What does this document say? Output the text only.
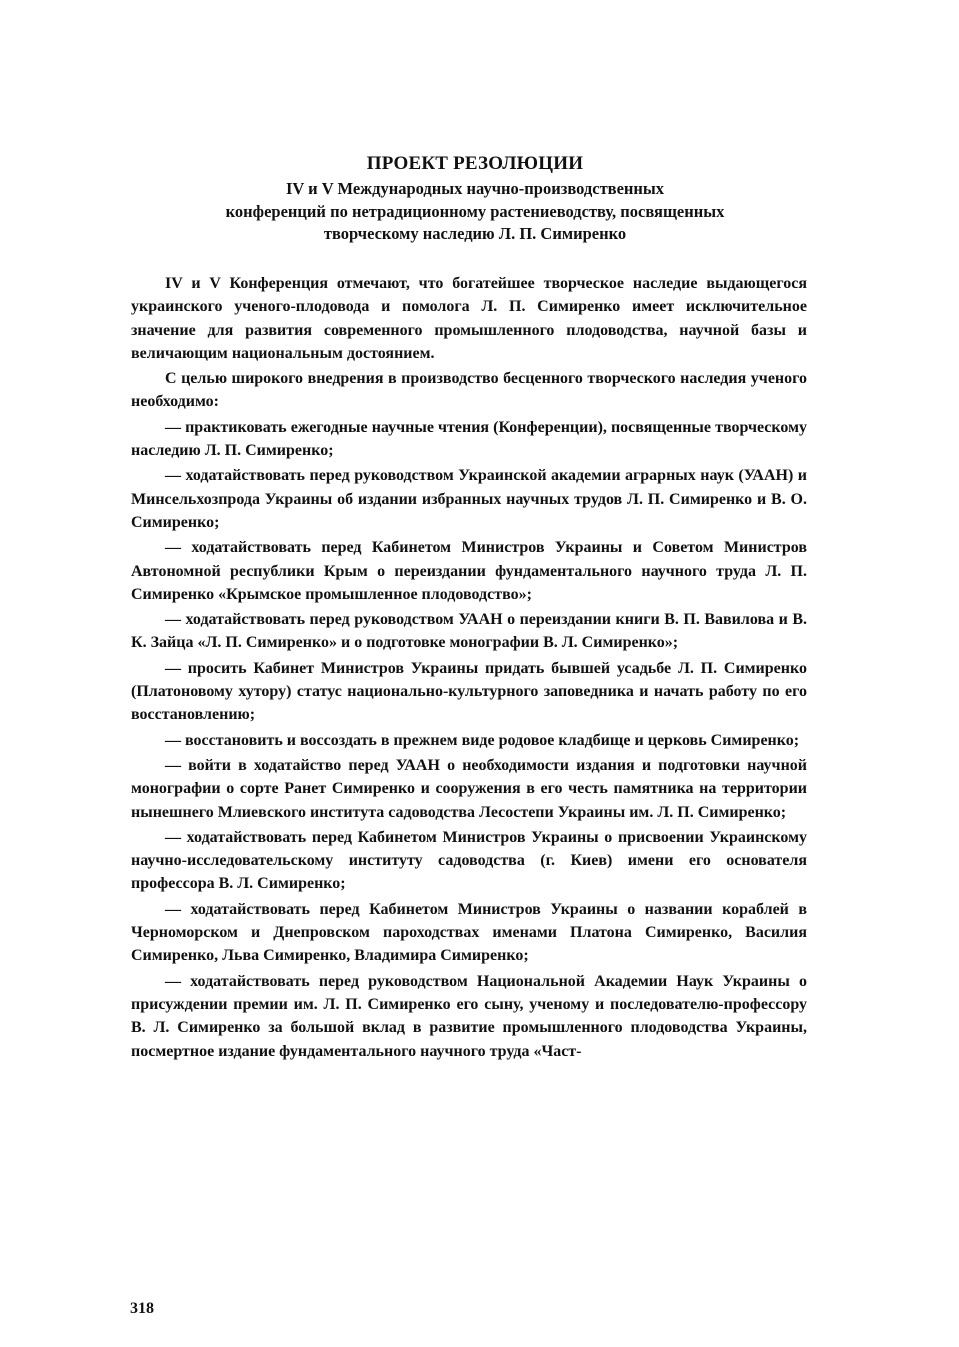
ПРОЕКТ РЕЗОЛЮЦИИ
IV и V Международных научно-производственных
конференций по нетрадиционному растениеводству, посвященных
творческому наследию Л. П. Симиренко

IV и V Конференция отмечают, что богатейшее творческое наследие выдающегося украинского ученого-плодовода и помолога Л. П. Симиренко имеет исключительное значение для развития современного промышленного плодоводства, научной базы и величающим национальным достоянием.

С целью широкого внедрения в производство бесценного творческого наследия ученого необходимо:

— практиковать ежегодные научные чтения (Конференции), посвященные творческому наследию Л. П. Симиренко;

— ходатайствовать перед руководством Украинской академии аграрных наук (УААН) и Минсельхозпрода Украины об издании избранных научных трудов Л. П. Симиренко и В. О. Симиренко;

— ходатайствовать перед Кабинетом Министров Украины и Советом Министров Автономной республики Крым о переиздании фундаментального научного труда Л. П. Симиренко «Крымское промышленное плодоводство»;

— ходатайствовать перед руководством УААН о переиздании книги В. П. Вавилова и В. К. Зайца «Л. П. Симиренко» и о подготовке монографии В. Л. Симиренко»;

— просить Кабинет Министров Украины придать бывшей усадьбе Л. П. Симиренко (Платоновому хутору) статус национально-культурного заповедника и начать работу по его восстановлению;

— восстановить и воссоздать в прежнем виде родовое кладбище и церковь Симиренко;

— войти в ходатайство перед УААН о необходимости издания и подготовки научной монографии о сорте Ранет Симиренко и сооружения в его честь памятника на территории нынешнего Млиевского института садоводства Лесостепи Украины им. Л. П. Симиренко;

— ходатайствовать перед Кабинетом Министров Украины о присвоении Украинскому научно-исследовательскому институту садоводства (г. Киев) имени его основателя профессора В. Л. Симиренко;

— ходатайствовать перед Кабинетом Министров Украины о названии кораблей в Черноморском и Днепровском пароходствах именами Платона Симиренко, Василия Симиренко, Льва Симиренко, Владимира Симиренко;

— ходатайствовать перед руководством Национальной Академии Наук Украины о присуждении премии им. Л. П. Симиренко его сыну, ученому и последователю-профессору В. Л. Симиренко за большой вклад в развитие промышленного плодоводства Украины, посмертное издание фундаментального научного труда «Част-

318
